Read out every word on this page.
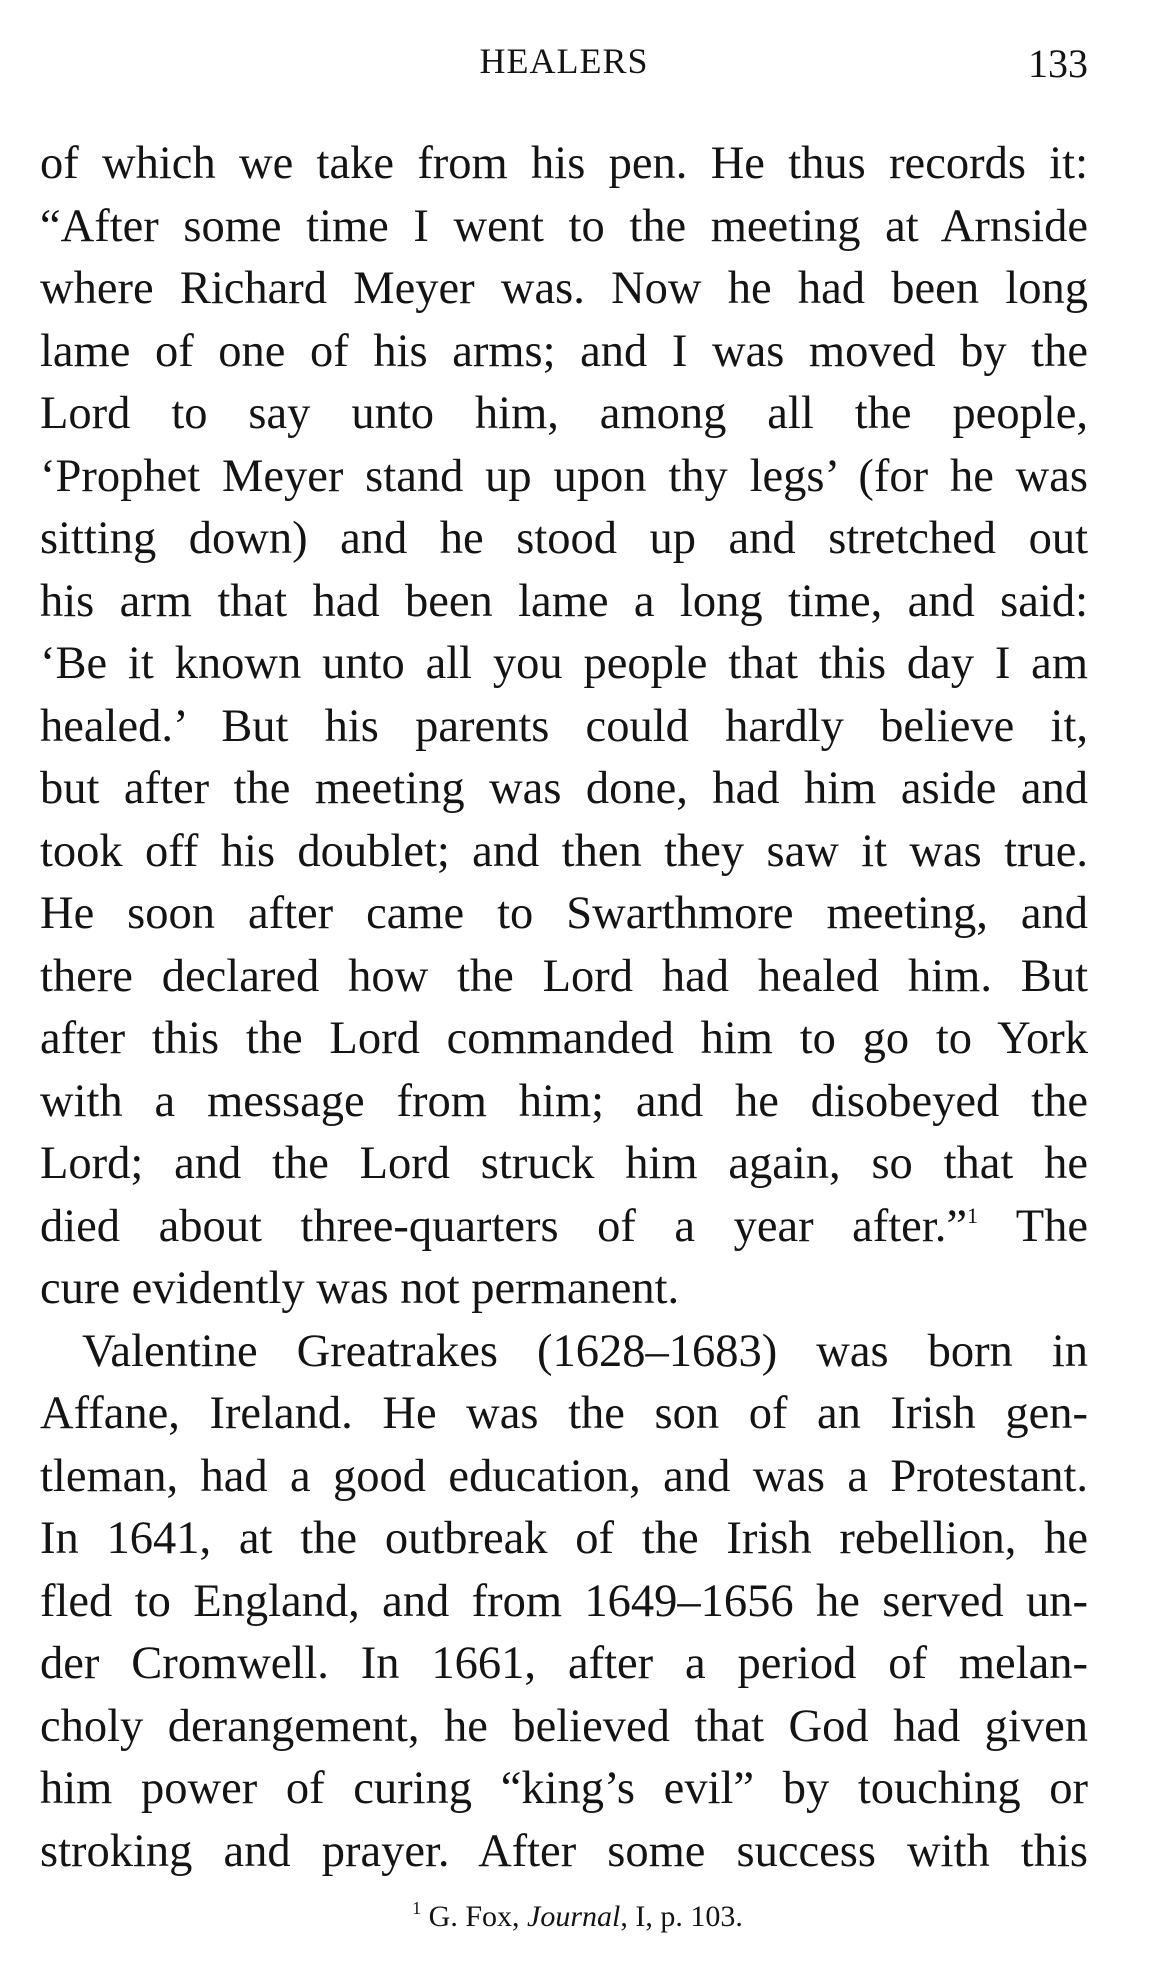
HEALERS	133
of which we take from his pen. He thus records it:
“After some time I went to the meeting at Arnside
where Richard Meyer was. Now he had been long
lame of one of his arms; and I was moved by the
Lord to say unto him, among all the people,
‘Prophet Meyer stand up upon thy legs’ (for he was
sitting down) and he stood up and stretched out
his arm that had been lame a long time, and said:
‘Be it known unto all you people that this day I am
healed.’ But his parents could hardly believe it,
but after the meeting was done, had him aside and
took off his doublet; and then they saw it was true.
He soon after came to Swarthmore meeting, and
there declared how the Lord had healed him. But
after this the Lord commanded him to go to York
with a message from him; and he disobeyed the
Lord; and the Lord struck him again, so that he
died about three-quarters of a year after.”$^1$ The
cure evidently was not permanent.
Valentine Greatrakes (1628–1683) was born in
Affane, Ireland. He was the son of an Irish gen-
tleman, had a good education, and was a Protestant.
In 1641, at the outbreak of the Irish rebellion, he
fled to England, and from 1649–1656 he served un-
der Cromwell. In 1661, after a period of melan-
choly derangement, he believed that God had given
him power of curing “king’s evil” by touching or
stroking and prayer. After some success with this
$^1$ G. Fox, Journal, I, p. 103.
